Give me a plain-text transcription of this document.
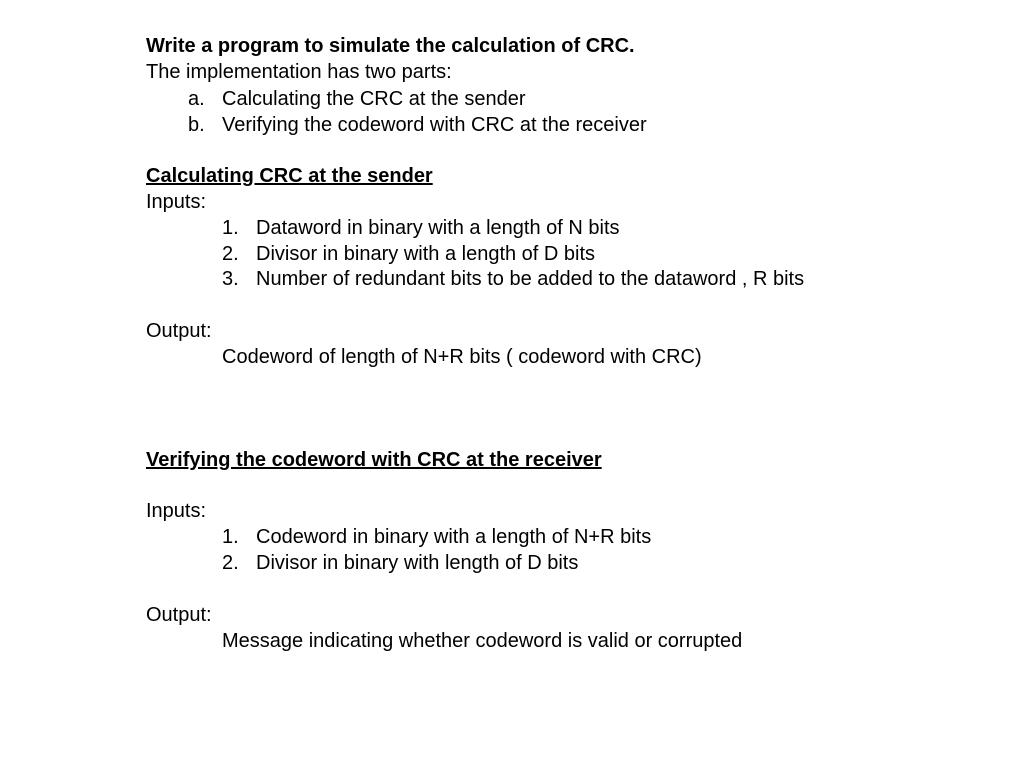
Write a program to simulate the calculation of CRC.
The implementation has two parts:
a. Calculating the CRC at the sender
b. Verifying the codeword with CRC at the receiver
Calculating CRC at the sender
Inputs:
1. Dataword in binary with a length of N bits
2. Divisor in binary with a length of D bits
3. Number of redundant bits to be added to the dataword , R bits
Output:
Codeword of length of N+R bits ( codeword with CRC)
Verifying the codeword with CRC at the receiver
Inputs:
1. Codeword in binary with a length of N+R bits
2. Divisor in binary with length of D bits
Output:
Message indicating whether codeword is valid or corrupted
